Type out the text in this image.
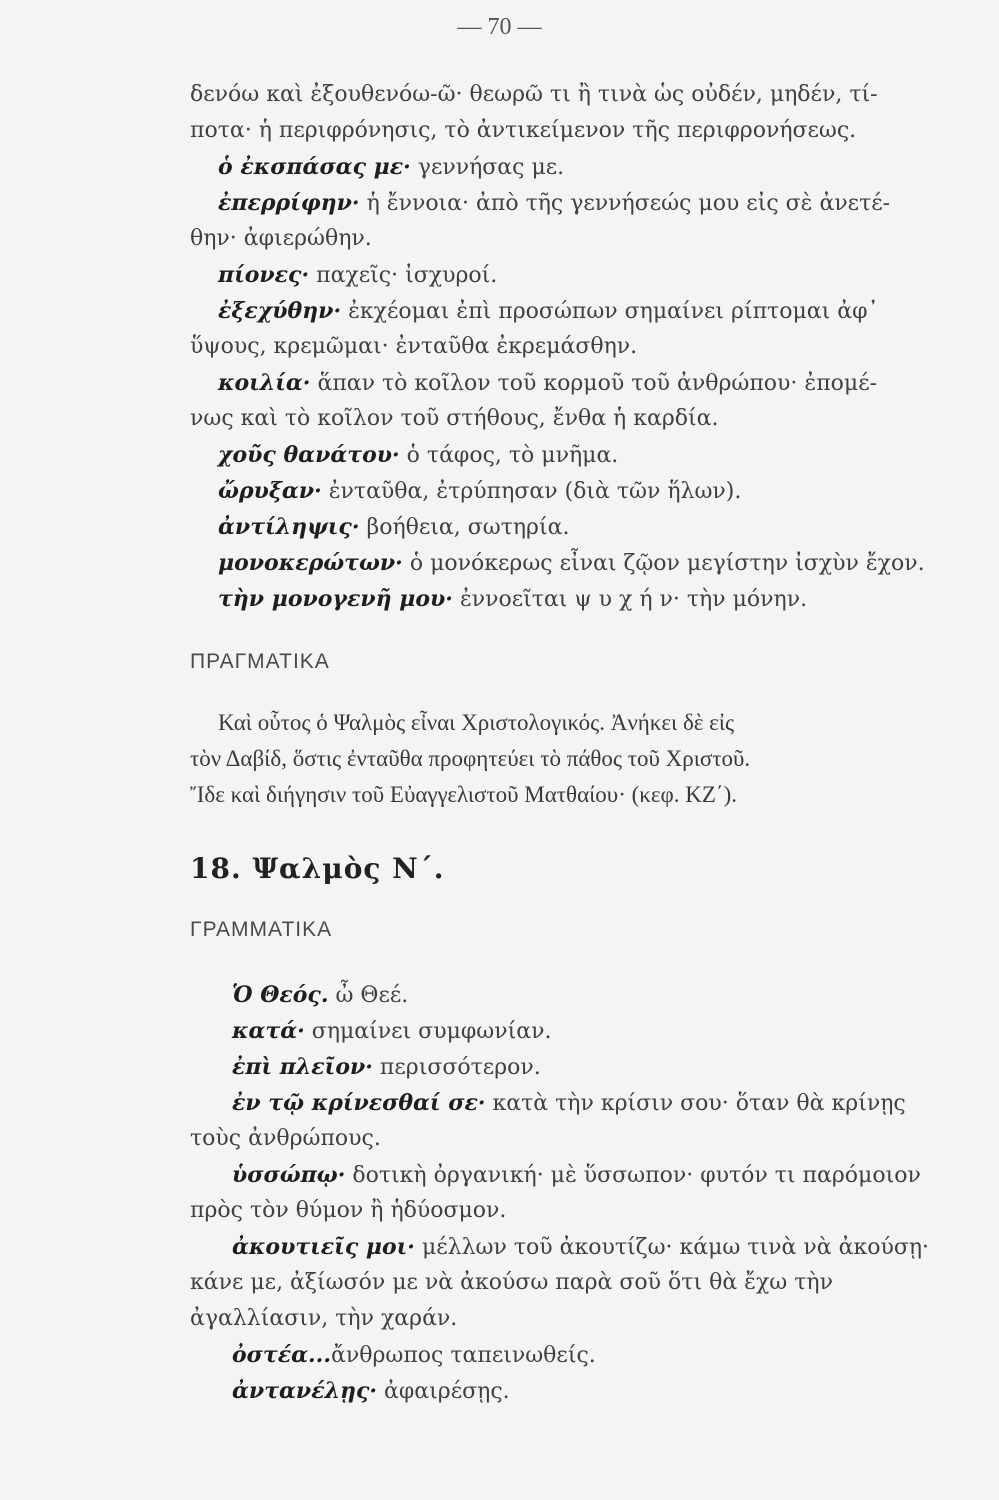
— 70 —
δενόω καὶ ἐξουθενόω-ῶ· θεωρῶ τι ἢ τινὰ ὡς οὐδέν, μηδέν, τί-
ποτα· ἡ περιφρόνησις, τὸ ἀντικείμενον τῆς περιφρονήσεως.
ὁ ἐκσπάσας με· γεννήσας με.
ἐπερρίφην· ἡ ἔννοια· ἀπὸ τῆς γεννήσεώς μου εἰς σὲ ἀνετέ-
θην· ἀφιερώθην.
πίονες· παχεῖς· ἰσχυροί.
ἐξεχύθην· ἐκχέομαι ἐπὶ προσώπων σημαίνει ρίπτομαι ἀφ᾽
ὕψους, κρεμῶμαι· ἐνταῦθα ἐκρεμάσθην.
κοιλία· ἅπαν τὸ κοῖλον τοῦ κορμοῦ τοῦ ἀνθρώπου· ἐπομέ-
νως καὶ τὸ κοῖλον τοῦ στήθους, ἔνθα ἡ καρδία.
χοῦς θανάτου· ὁ τάφος, τὸ μνῆμα.
ὤρυξαν· ἐνταῦθα, ἐτρύπησαν (διὰ τῶν ἥλων).
ἀντίληψις· βοήθεια, σωτηρία.
μονοκερώτων· ὁ μονόκερως εἶναι ζῷον μεγίστην ἰσχὺν ἔχον.
τὴν μονογενῆ μου· ἐννοεῖται ψ υ χ ή ν· τὴν μόνην.
ΠΡΑΓΜΑΤΙΚΑ
Καὶ οὗτος ὁ Ψαλμὸς εἶναι Χριστολογικός. Ἀνήκει δὲ εἰς
τὸν Δαβίδ, ὅστις ἐνταῦθα προφητεύει τὸ πάθος τοῦ Χριστοῦ.
Ἴδε καὶ διήγησιν τοῦ Εὐαγγελιστοῦ Ματθαίου· (κεφ. ΚΖ΄).
18. Ψαλμὸς Ν΄.
ΓΡΑΜΜΑΤΙΚΑ
Ὁ Θεός. ὦ Θεέ.
κατά· σημαίνει συμφωνίαν.
ἐπὶ πλεῖον· περισσότερον.
ἐν τῷ κρίνεσθαί σε· κατὰ τὴν κρίσιν σου· ὅταν θὰ κρίνῃς
τοὺς ἀνθρώπους.
ὑσσώπῳ· δοτικὴ ὀργανική· μὲ ὕσσωπον· φυτόν τι παρόμοιον
πρὸς τὸν θύμον ἢ ἡδύοσμον.
ἀκουτιεῖς μοι· μέλλων τοῦ ἀκουτίζω· κάμω τινὰ νὰ ἀκούσῃ·
κάνε με, ἀξίωσόν με νὰ ἀκούσω παρὰ σοῦ ὅτι θὰ ἔχω τὴν
ἀγαλλίασιν, τὴν χαράν.
ὀστέα...ἄνθρωπος ταπεινωθείς.
ἀντανέλῃς· ἀφαιρέσῃς.
